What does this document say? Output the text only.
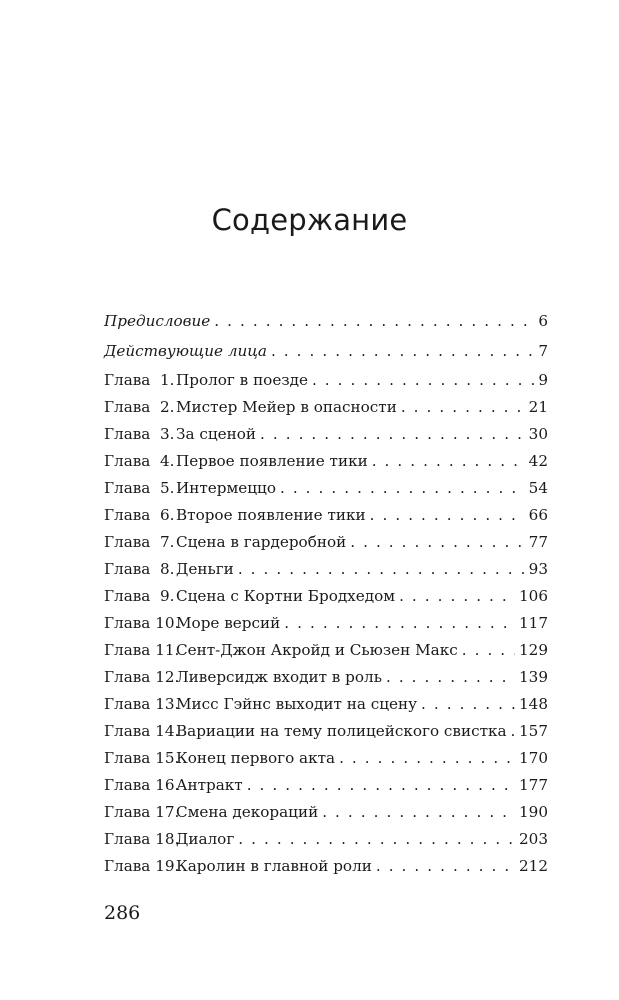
Содержание
Предисловие . . .	6
Действующие лица . . .	7
Глава  1.Пролог в поезде . . .	9
Глава  2.Мистер Мейер в опасности . . .	21
Глава  3.За сценой . . .	30
Глава  4.Первое появление тики . . .	42
Глава  5.Интермеццо . . .	54
Глава  6.Второе появление тики . . .	66
Глава  7.Сцена в гардеробной . . .	77
Глава  8.Деньги . . .	93
Глава  9.Сцена с Кортни Бродхедом . . .	106
Глава 10.Море версий . . .	117
Глава 11.Сент-Джон Акройд и Сьюзен Макс . . .	129
Глава 12.Ливерсидж входит в роль . . .	139
Глава 13.Мисс Гэйнс выходит на сцену . . .	148
Глава 14.Вариации на тему полицейского свистка . . . 157
Глава 15.Конец первого акта . . .	170
Глава 16.Антракт . . .	177
Глава 17.Смена декораций . . .	190
Глава 18.Диалог . . .	203
Глава 19.Каролин в главной роли . . .	212
286
